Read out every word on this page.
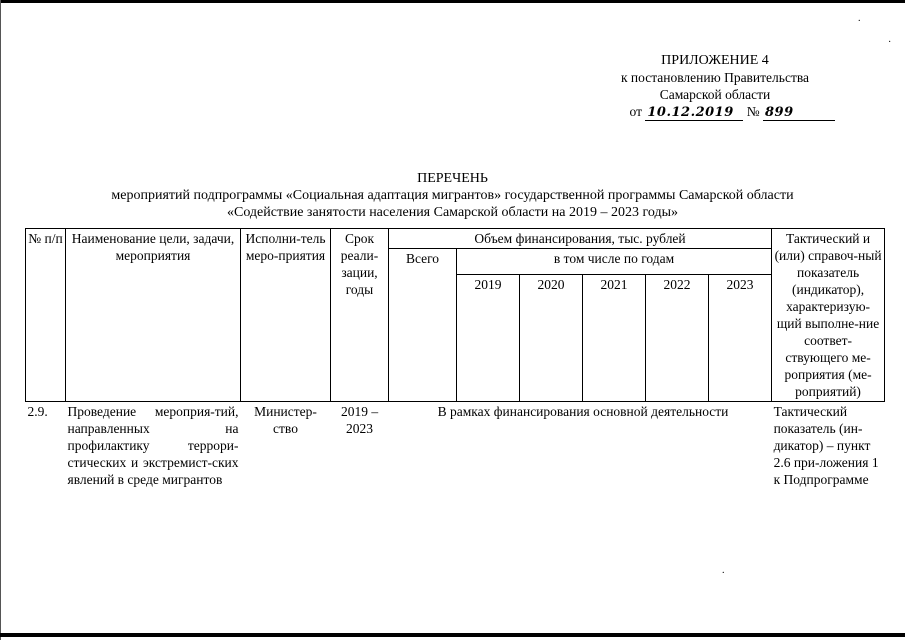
.
·
.
ПРИЛОЖЕНИЕ 4
к постановлению Правительства
Самарской области
от 10.12.2019 № 899
ПЕРЕЧЕНЬ
мероприятий подпрограммы «Социальная адаптация мигрантов» государственной программы Самарской области
«Содействие занятости населения Самарской области на 2019 – 2023 годы»
№ п/п	Наименование цели, задачи, мероприятия	Исполни-тель меро-приятия	Срок реали-зации, годы	Объем финансирования, тыс. рублей						Тактический и (или) справоч-ный показатель (индикатор), характеризую-щий выполне-ние соответ-ствующего ме-роприятия (ме-роприятий)
				Всего	в том числе по годам					
					2019	2020	2021	2022	2023	
2.9.	Проведение мероприя-тий, направленных на профилактику террори-стических и экстремист-ских явлений в среде мигрантов	Министер-ство	2019 – 2023	В рамках финансирования основной деятельности						Тактический показатель (ин-дикатор) – пункт 2.6 при-ложения 1 к Подпрограмме
